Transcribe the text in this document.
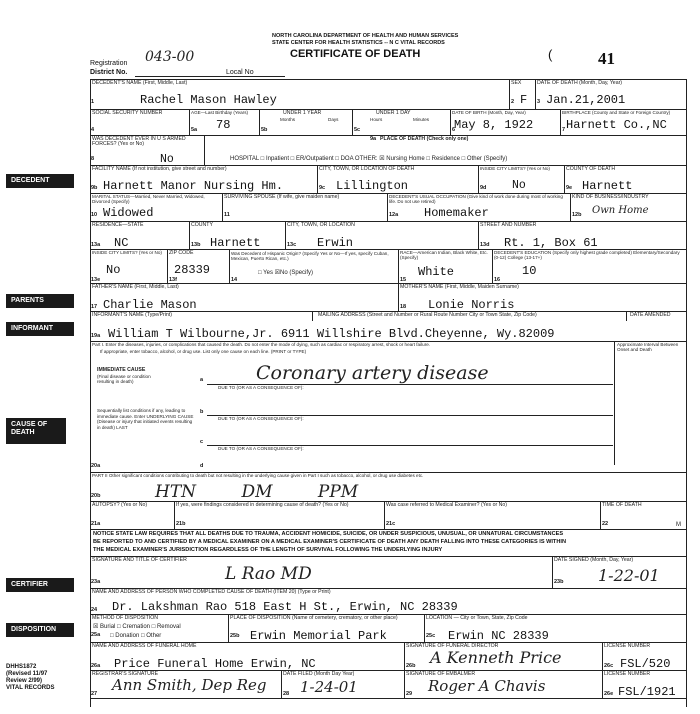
NORTH CAROLINA DEPARTMENT OF HEALTH AND HUMAN SERVICES
STATE CENTER FOR HEALTH STATISTICS -- N C VITAL RECORDS
CERTIFICATE OF DEATH
Registration
District No.
043-00
Local No
(	41
DECEDENT
PARENTS
INFORMANT
CAUSE OF DEATH
CERTIFIER
DISPOSITION
DECEDENT'S NAME (First, Middle, Last)
1	Rachel Mason Hawley
SEX
2 F
DATE OF DEATH (Month, Day, Year)
3 Jan.21,2001
SOCIAL SECURITY NUMBER
4
AGE—Last Birthday (Years)
5a 78
UNDER 1 YEAR
Months	Days
5b
UNDER 1 DAY
Hours	Minutes
5c
DATE OF BIRTH (Month, Day, Year)
6
May 8, 1922
BIRTHPLACE (County and State or Foreign Country)
7 Harnett Co.,NC
WAS DECEDENT EVER IN U S ARMED FORCES? (Yes or No)
8	No
PLACE OF DEATH (Check only one)
9a
HOSPITAL □ Inpatient □ ER/Outpatient □ DOA OTHER: ☒ Nursing Home □ Residence □ Other (Specify)
FACILITY NAME (If not institution, give street and number)
9b Harnett Manor Nursing Hm.
CITY, TOWN, OR LOCATION OF DEATH
9c Lillington
INSIDE CITY LIMITS? (Yes or No)
9d No
COUNTY OF DEATH
9e Harnett
MARITAL STATUS—Married, Never Married, Widowed, Divorced (Specify)
10 Widowed
SURVIVING SPOUSE (If wife, give maiden name)
11
DECEDENT'S USUAL OCCUPATION (Give kind of work done during most of working life. Do not use retired)
12a Homemaker
KIND OF BUSINESS/INDUSTRY
12b Own Home
RESIDENCE—STATE
13a NC
COUNTY
13b Harnett
CITY, TOWN, OR LOCATION
13c Erwin
STREET AND NUMBER
13d Rt. 1, Box 61
INSIDE CITY LIMITS? (Yes or No)
13e
No
ZIP CODE
13f
28339
Was Decedent of Hispanic Origin? (Specify Yes or No—If yes, specify Cuban, Mexican, Puerto Rican, etc.)
□ Yes ☒No (Specify)
14
RACE—American Indian, Black White, Etc. (Specify)
15
White
DECEDENT'S EDUCATION (Specify only highest grade completed) Elementary/Secondary (0-12) College (13-17+)
16
10
FATHER'S NAME (First, Middle, Last)
17 Charlie Mason
MOTHER'S NAME (First, Middle, Maiden Surname)
18 Lonie Norris
INFORMANT'S NAME (Type/Print)	MAILING ADDRESS (Street and Number or Rural Route Number City or Town State, Zip Code)	DATE AMENDED
19a William T Wilbourne,Jr. 6911 Willshire Blvd.Cheyenne, Wy.82009
Part I. Enter the diseases, injuries, or complications that caused the death. Do not enter the mode of dying, such as cardiac or respiratory arrest, shock or heart failure.
If appropriate, enter tobacco, alcohol, or drug use. List only one cause on each line. (PRINT or TYPE)
Approximate Interval Between Onset and Death
IMMEDIATE CAUSE
(Final disease or condition resulting in death)	a	Coronary artery disease
DUE TO (OR AS A CONSEQUENCE OF):
Sequentially list conditions if any, leading to immediate cause. Enter UNDERLYING CAUSE (Disease or injury that initiated events resulting in death) LAST
b
DUE TO (OR AS A CONSEQUENCE OF):
c
DUE TO (OR AS A CONSEQUENCE OF):
20a	d
PART II Other significant conditions contributing to death but not resulting in the underlying cause given in Part I such as tobacco, alcohol, or drug use diabetes etc.
20b	HTN DM PPM
AUTOPSY? (Yes or No)
21a
If yes, were findings considered in determining cause of death? (Yes or No)
21b
Was case referred to Medical Examiner? (Yes or No)
21c
TIME OF DEATH
22	M
NOTICE STATE LAW REQUIRES THAT ALL DEATHS DUE TO TRAUMA, ACCIDENT HOMICIDE, SUICIDE, OR UNDER SUSPICIOUS, UNUSUAL, OR UNNATURAL CIRCUMSTANCES
BE REPORTED TO AND CERTIFIED BY A MEDICAL EXAMINER ON A MEDICAL EXAMINER'S CERTIFICATE OF DEATH ANY DEATH FALLING INTO THESE CATEGORIES IS WITHIN
THE MEDICAL EXAMINER'S JURISDICTION REGARDLESS OF THE LENGTH OF SURVIVAL FOLLOWING THE UNDERLYING INJURY
SIGNATURE AND TITLE OF CERTIFIER
23a	L Rao MD
DATE SIGNED (Month, Day, Year)
23b 1-22-01
NAME AND ADDRESS OF PERSON WHO COMPLETED CAUSE OF DEATH (ITEM 20) (Type or Print)
24 Dr. Lakshman Rao 518 East H St., Erwin, NC 28339
METHOD OF DISPOSITION
☒ Burial □ Cremation □ Removal
25a □ Donation □ Other
PLACE OF DISPOSITION (Name of cemetery, crematory, or other place)
25b Erwin Memorial Park
LOCATION — City or Town, State, Zip Code
25c Erwin NC 28339
NAME AND ADDRESS OF FUNERAL HOME
26a Price Funeral Home Erwin, NC
SIGNATURE OF FUNERAL DIRECTOR
26b A Kenneth Price
LICENSE NUMBER
26c FSL/520
REGISTRAR'S SIGNATURE
27 Ann Smith, Dep Reg
DATE FILED (Month Day Year)
28 1-24-01
SIGNATURE OF EMBALMER
29 Roger A Chavis
LICENSE NUMBER
26e FSL/1921
DHHS1872
(Revised 11/97
Review 2/99)
VITAL RECORDS
